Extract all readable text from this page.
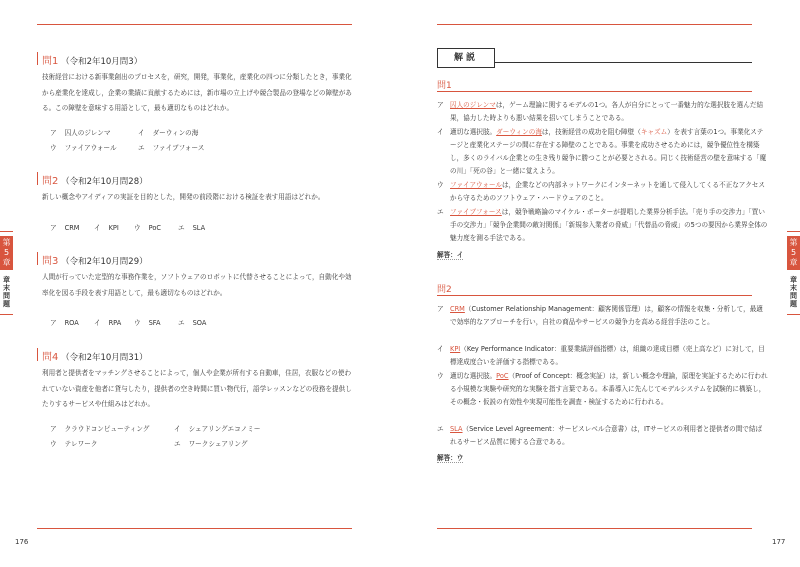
問1 （令和2年10月問3）
技術経営における新事業創出のプロセスを，研究，開発，事業化，産業化の四つに分類したとき，事業化から産業化を達成し，企業の業績に貢献するためには，新市場の立上げや競合製品の登場などの障壁がある。この障壁を意味する用語として，最も適切なものはどれか。
ア 囚人のジレンマ	イ ダーウィンの海
ウ ファイアウォール	エ ファイブフォース
問2 （令和2年10月問28）
新しい概念やアイディアの実証を目的とした，開発の前段階における検証を表す用語はどれか。
ア CRM イ KPI ウ PoC	エ SLA
問3 （令和2年10月問29）
人間が行っていた定型的な事務作業を，ソフトウェアのロボットに代替させることによって，自動化や効率化を図る手段を表す用語として，最も適切なものはどれか。
ア ROA イ RPA ウ SFA	エ SOA
問4 （令和2年10月問31）
利用者と提供者をマッチングさせることによって，個人や企業が所有する自動車，住居，衣服などの使われていない資産を他者に貸与したり，提供者の空き時間に買い物代行，語学レッスンなどの役務を提供したりするサービスや仕組みはどれか。
ア クラウドコンピューティング	イ シェアリングエコノミー
ウ テレワーク	エ ワークシェアリング
176
第
5
章
章
末
問
題
解説
問1
ア 囚人のジレンマは，ゲーム理論に関するモデルの1つ。各人が自分にとって一番魅力的な選択肢を選んだ結果，協力した時よりも悪い結果を招いてしまうことである。
イ 適切な選択肢。ダーウィンの海は，技術経営の成功を阻む障壁（キャズム）を表す言葉の1つ。事業化ステージと産業化ステージの間に存在する障壁のことである。事業を成功させるためには，競争優位性を構築し，多くのライバル企業との生き残り競争に勝つことが必要とされる。同じく技術経営の壁を意味する「魔の川」「死の谷」と一緒に覚えよう。
ウ ファイアウォールは，企業などの内部ネットワークにインターネットを通して侵入してくる不正なアクセスから守るためのソフトウェア・ハードウェアのこと。
エ ファイブフォースは，競争戦略論のマイケル・ポーターが提唱した業界分析手法。「売り手の交渉力」「買い手の交渉力」「競争企業間の敵対関係」「新規参入業者の脅威」「代替品の脅威」の5つの要因から業界全体の魅力度を測る手法である。
解答：イ
問2
ア CRM（Customer Relationship Management：顧客関係管理）は，顧客の情報を収集・分析して，最適で効率的なアプローチを行い，自社の商品やサービスの競争力を高める経営手法のこと。
イ KPI（Key Performance Indicator：重要業績評価指標）は，組織の達成目標（売上高など）に対して，目標達成度合いを評価する指標である。
ウ 適切な選択肢。PoC（Proof of Concept：概念実証）は，新しい概念や理論，原理を実証するために行われる小規模な実験や研究的な実験を指す言葉である。本番導入に先んじてモデルシステムを試験的に構築し，その概念・仮説の有効性や実現可能性を調査・検証するために行われる。
エ SLA（Service Level Agreement：サービスレベル合意書）は，ITサービスの利用者と提供者の間で結ばれるサービス品質に関する合意である。
解答：ウ
177
第
5
章
章
末
問
題
